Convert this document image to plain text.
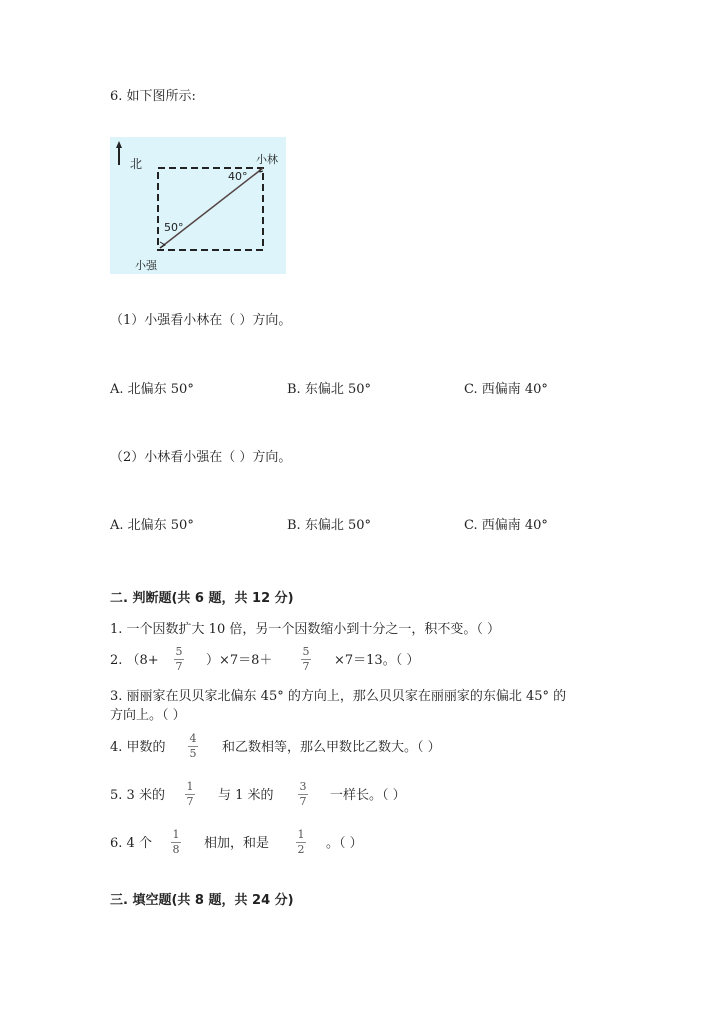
6. 如下图所示:
北	小林
40°
50°
小强
（1）小强看小林在（ ）方向。
A. 北偏东 50°	B. 东偏北 50°	C. 西偏南 40°
（2）小林看小强在（ ）方向。
A. 北偏东 50°	B. 东偏北 50°	C. 西偏南 40°
二. 判断题(共 6 题，共 12 分)
1. 一个因数扩大 10 倍，另一个因数缩小到十分之一，积不变。（ ）
2. （8+
5
7 ）×7＝8＋
5
7 ×7＝13。（ ）
3. 丽丽家在贝贝家北偏东 45° 的方向上，那么贝贝家在丽丽家的东偏北 45° 的
方向上。（ ）
4. 甲数的
4
5 和乙数相等，那么甲数比乙数大。（ ）
5. 3 米的
1
7 与 1 米的
3
7 一样长。（ ）
6. 4 个
1
8 相加，和是
1
2 。（ ）
三. 填空题(共 8 题，共 24 分)
